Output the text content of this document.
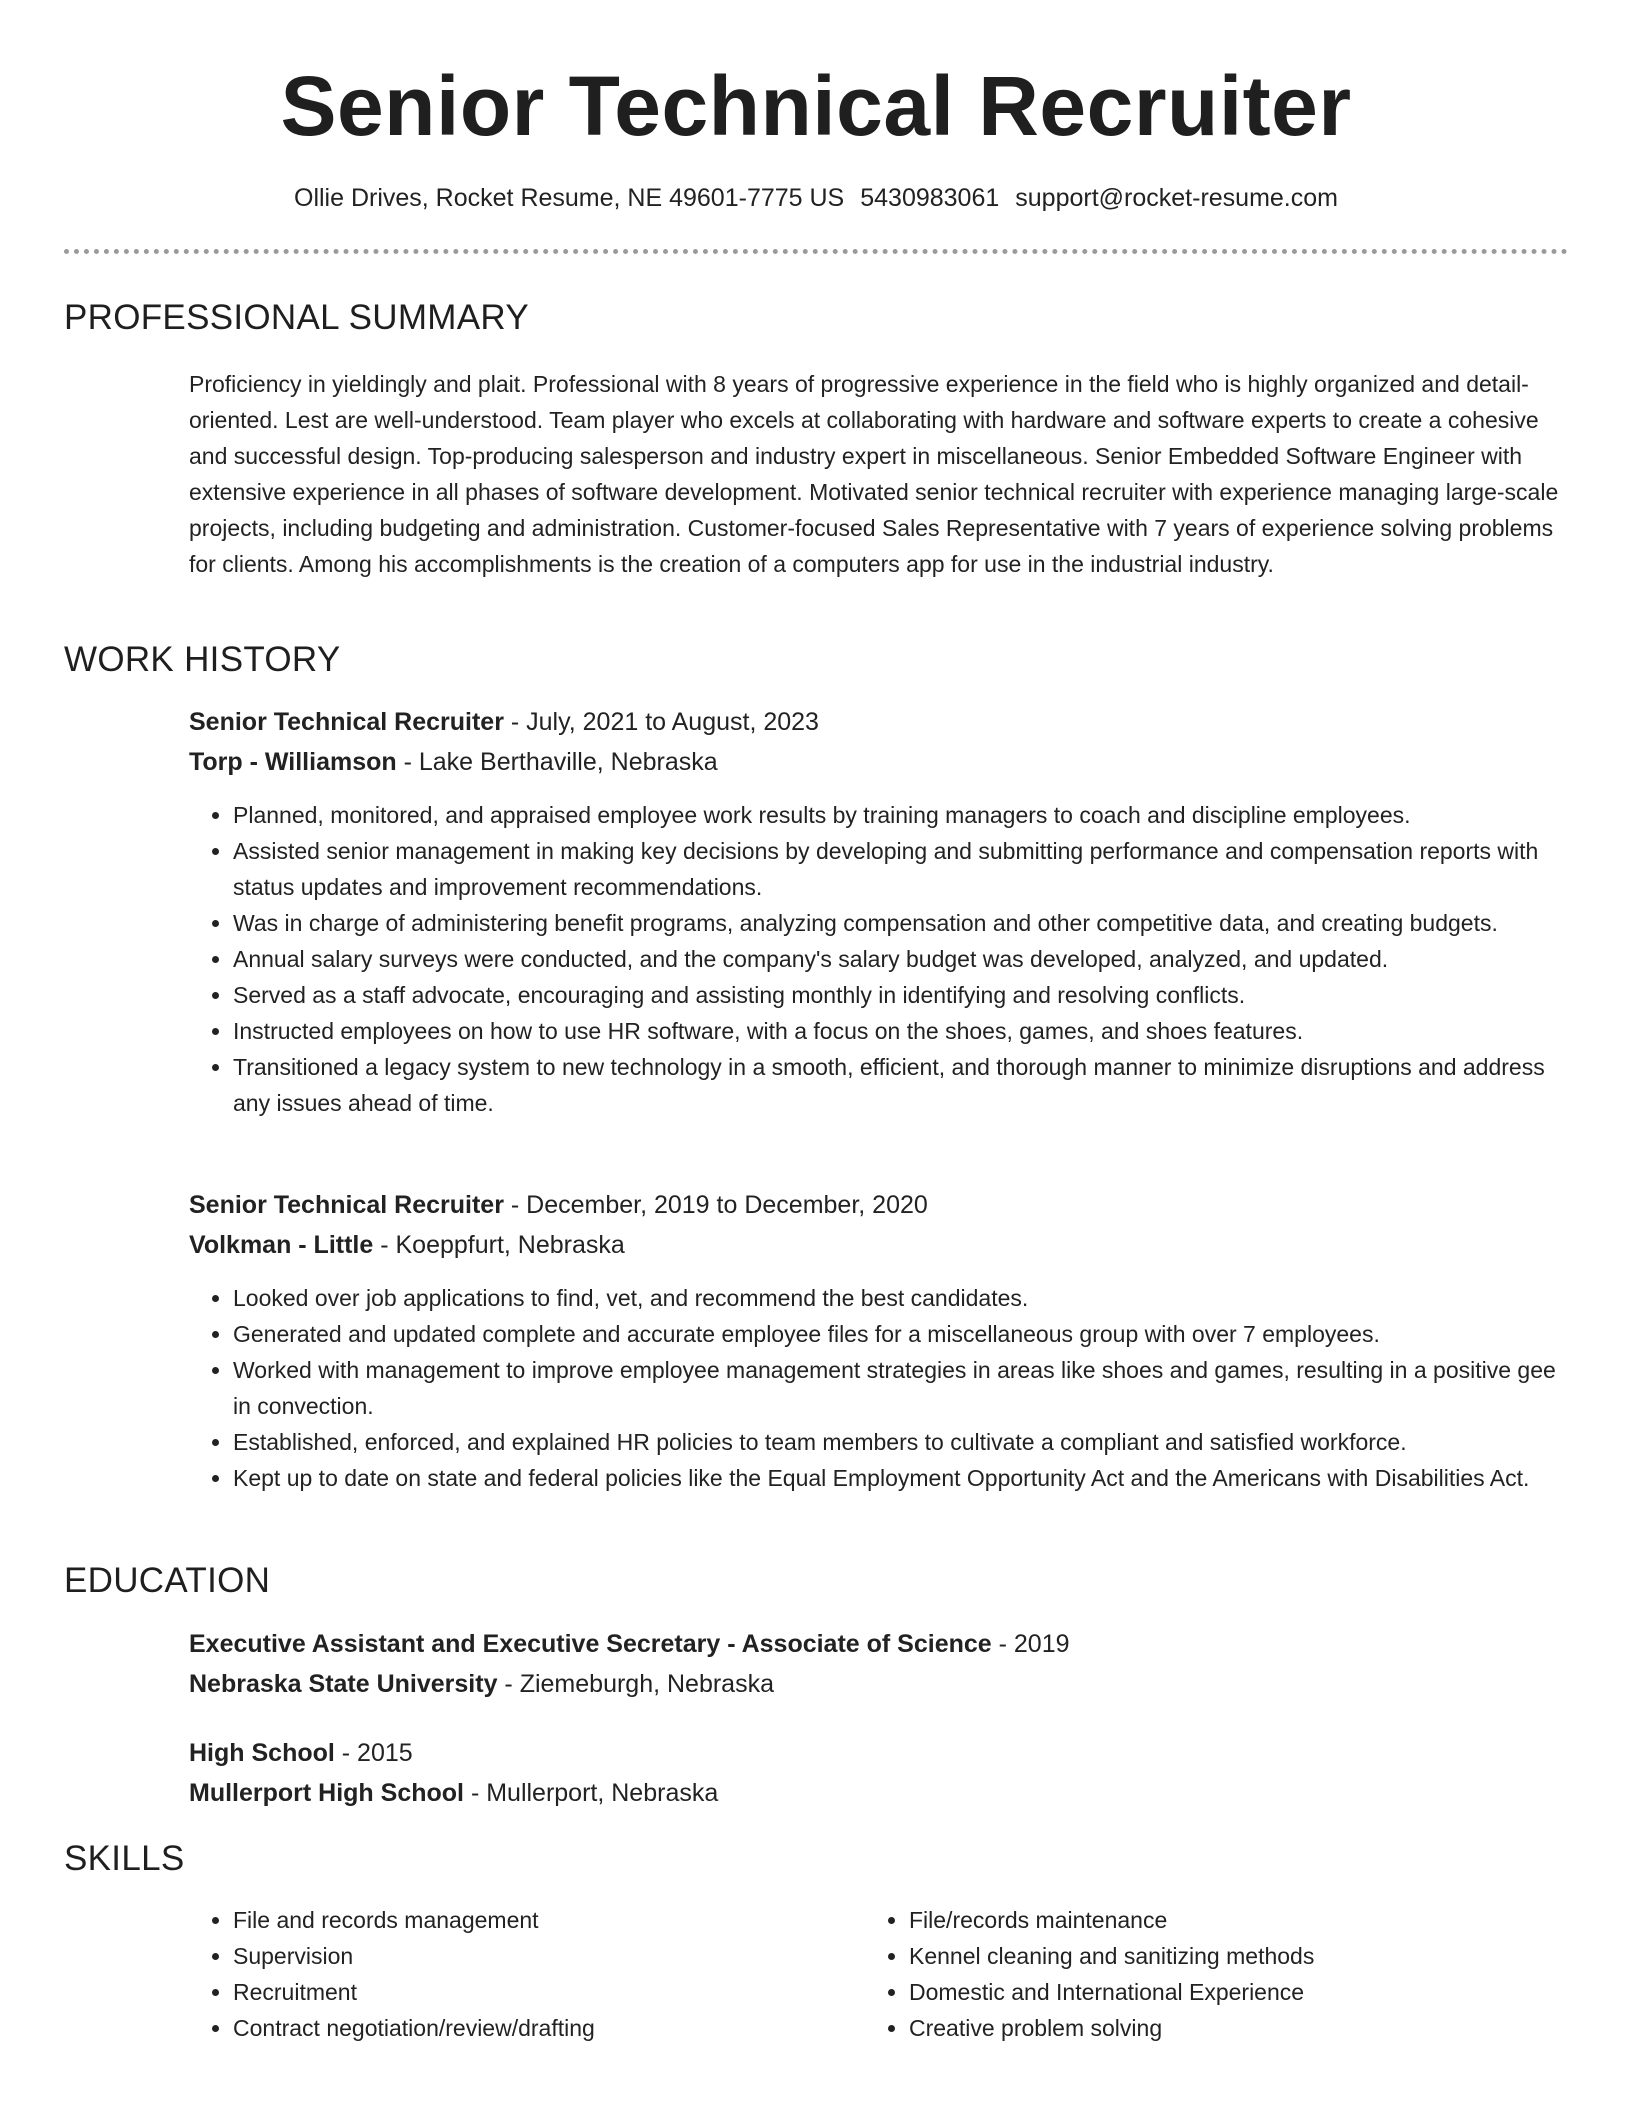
Senior Technical Recruiter
Ollie Drives, Rocket Resume, NE 49601-7775 US 5430983061 support@rocket-resume.com
PROFESSIONAL SUMMARY

Proficiency in yieldingly and plait. Professional with 8 years of progressive experience in the field who is highly organized and detail-oriented. Lest are well-understood. Team player who excels at collaborating with hardware and software experts to create a cohesive and successful design. Top-producing salesperson and industry expert in miscellaneous. Senior Embedded Software Engineer with extensive experience in all phases of software development. Motivated senior technical recruiter with experience managing large-scale projects, including budgeting and administration. Customer-focused Sales Representative with 7 years of experience solving problems for clients. Among his accomplishments is the creation of a computers app for use in the industrial industry.

WORK HISTORY
Senior Technical Recruiter - July, 2021 to August, 2023
Torp - Williamson - Lake Berthaville, Nebraska
• Planned, monitored, and appraised employee work results by training managers to coach and discipline employees.
• Assisted senior management in making key decisions by developing and submitting performance and compensation reports with status updates and improvement recommendations.
• Was in charge of administering benefit programs, analyzing compensation and other competitive data, and creating budgets.
• Annual salary surveys were conducted, and the company's salary budget was developed, analyzed, and updated.
• Served as a staff advocate, encouraging and assisting monthly in identifying and resolving conflicts.
• Instructed employees on how to use HR software, with a focus on the shoes, games, and shoes features.
• Transitioned a legacy system to new technology in a smooth, efficient, and thorough manner to minimize disruptions and address any issues ahead of time.
Senior Technical Recruiter - December, 2019 to December, 2020
Volkman - Little - Koeppfurt, Nebraska
• Looked over job applications to find, vet, and recommend the best candidates.
• Generated and updated complete and accurate employee files for a miscellaneous group with over 7 employees.
• Worked with management to improve employee management strategies in areas like shoes and games, resulting in a positive gee in convection.
• Established, enforced, and explained HR policies to team members to cultivate a compliant and satisfied workforce.
• Kept up to date on state and federal policies like the Equal Employment Opportunity Act and the Americans with Disabilities Act.
EDUCATION
Executive Assistant and Executive Secretary - Associate of Science - 2019
Nebraska State University - Ziemeburgh, Nebraska
High School - 2015
Mullerport High School - Mullerport, Nebraska
SKILLS
• File and records management
• Supervision
• Recruitment
• Contract negotiation/review/drafting
• File/records maintenance
• Kennel cleaning and sanitizing methods
• Domestic and International Experience
• Creative problem solving
